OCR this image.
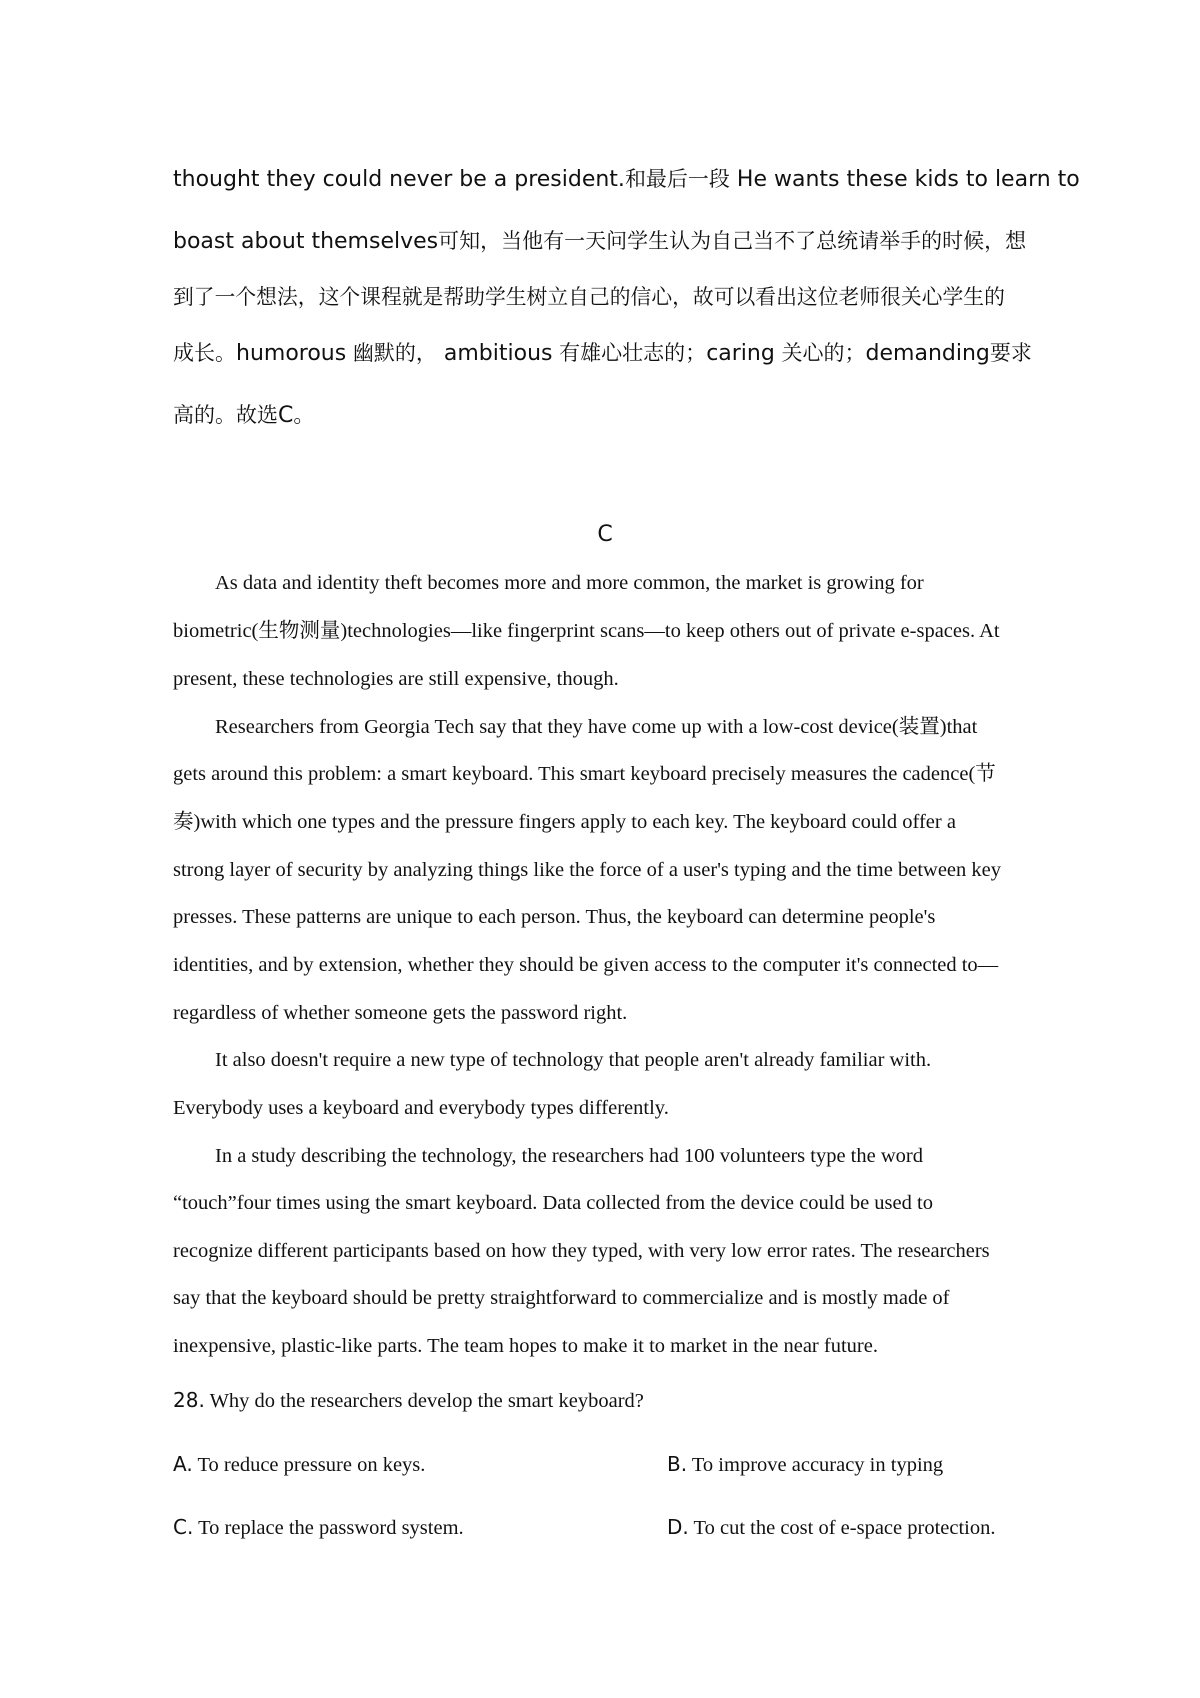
thought they could never be a president.和最后一段 He wants these kids to learn to
boast about themselves可知，当他有一天问学生认为自己当不了总统请举手的时候，想
到了一个想法，这个课程就是帮助学生树立自己的信心，故可以看出这位老师很关心学生的
成长。humorous 幽默的， ambitious 有雄心壮志的；caring 关心的；demanding要求
高的。故选C。
C
As data and identity theft becomes more and more common, the market is growing for
biometric(生物测量)technologies—like fingerprint scans—to keep others out of private e-spaces. At
present, these technologies are still expensive, though.
Researchers from Georgia Tech say that they have come up with a low-cost device(装置)that
gets around this problem: a smart keyboard. This smart keyboard precisely measures the cadence(节
奏)with which one types and the pressure fingers apply to each key. The keyboard could offer a
strong layer of security by analyzing things like the force of a user's typing and the time between key
presses. These patterns are unique to each person. Thus, the keyboard can determine people's
identities, and by extension, whether they should be given access to the computer it's connected to—
regardless of whether someone gets the password right.
It also doesn't require a new type of technology that people aren't already familiar with.
Everybody uses a keyboard and everybody types differently.
In a study describing the technology, the researchers had 100 volunteers type the word
“touch”four times using the smart keyboard. Data collected from the device could be used to
recognize different participants based on how they typed, with very low error rates. The researchers
say that the keyboard should be pretty straightforward to commercialize and is mostly made of
inexpensive, plastic-like parts. The team hopes to make it to market in the near future.
28. Why do the researchers develop the smart keyboard?
A. To reduce pressure on keys.	B. To improve accuracy in typing
C. To replace the password system.	D. To cut the cost of e-space protection.
